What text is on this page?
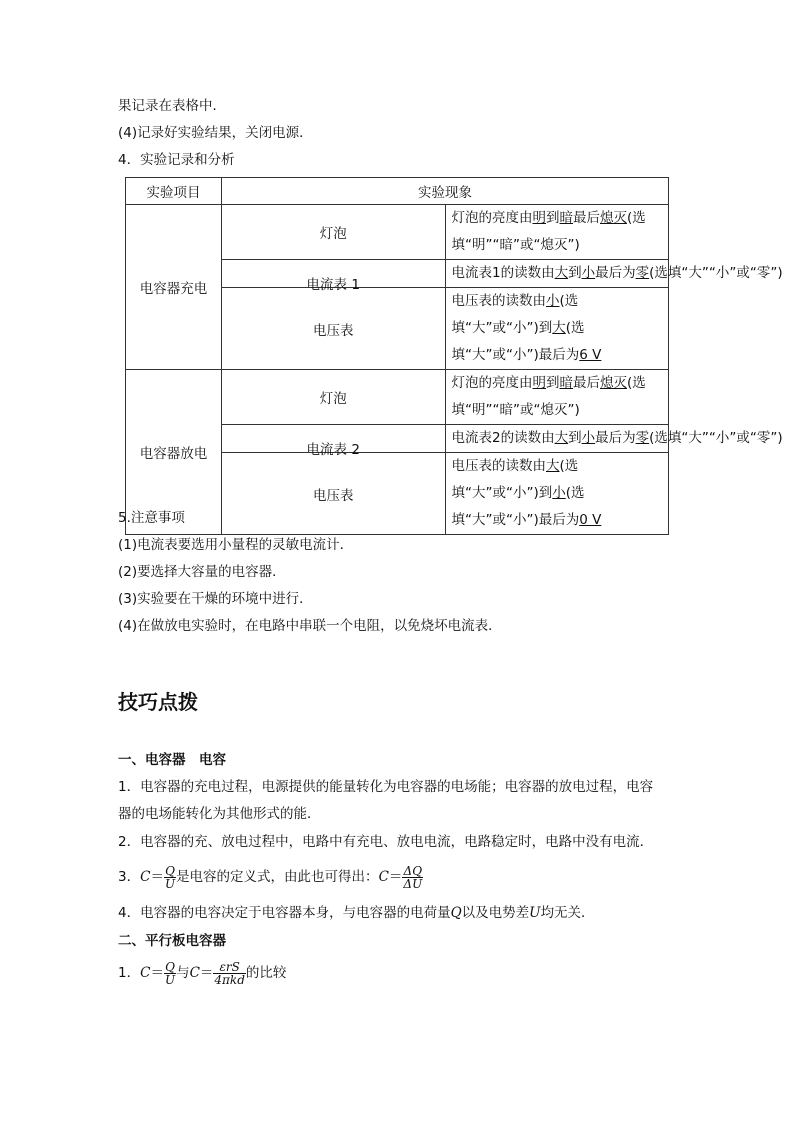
果记录在表格中．
(4)记录好实验结果，关闭电源．
4．实验记录和分析
实验项目	实验现象	
电容器充电	灯泡	灯泡的亮度由明到暗最后熄灭(选填“明”“暗”或“熄灭”)
	电流表 1	电流表1的读数由大到小最后为零(选填“大”“小”或“零”)
	电压表	电压表的读数由小(选填“大”或“小”)到大(选填“大”或“小”)最后为6 V
电容器放电	灯泡	灯泡的亮度由明到暗最后熄灭(选填“明”“暗”或“熄灭”)
	电流表 2	电流表2的读数由大到小最后为零(选填“大”“小”或“零”)
	电压表	电压表的读数由大(选填“大”或“小”)到小(选填“大”或“小”)最后为0 V
5.注意事项
(1)电流表要选用小量程的灵敏电流计．
(2)要选择大容量的电容器．
(3)实验要在干燥的环境中进行．
(4)在做放电实验时，在电路中串联一个电阻，以免烧坏电流表．
技巧点拨
一、电容器　电容
1．电容器的充电过程，电源提供的能量转化为电容器的电场能；电容器的放电过程，电容
器的电场能转化为其他形式的能．
2．电容器的充、放电过程中，电路中有充电、放电电流，电路稳定时，电路中没有电流．
3．$C= \frac{Q}{U}$ 是电容的定义式，由此也可得出：$C= \frac{\Delta Q}{\Delta U}$
4．电容器的电容决定于电容器本身，与电容器的电荷量Q以及电势差U均无关．
二、平行板电容器
1．$C= \frac{Q}{U}$ 与$C= \frac{\text{εrS}}{\text{4πkd}}$ 的比较
